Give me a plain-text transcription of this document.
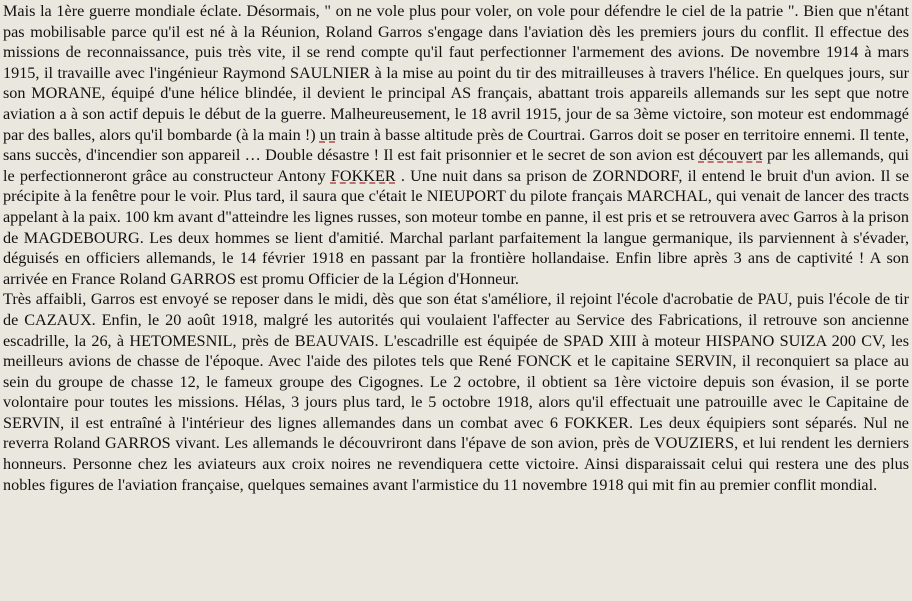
Mais la 1ère guerre mondiale éclate. Désormais, " on ne vole plus pour voler, on vole pour défendre le ciel de la patrie ". Bien que n'étant pas mobilisable parce qu'il est né à la Réunion, Roland Garros s'engage dans l'aviation dès les premiers jours du conflit. Il effectue des missions de reconnaissance, puis très vite, il se rend compte qu'il faut perfectionner l'armement des avions. De novembre 1914 à mars 1915, il travaille avec l'ingénieur Raymond SAULNIER à la mise au point du tir des mitrailleuses à travers l'hélice. En quelques jours, sur son MORANE, équipé d'une hélice blindée, il devient le principal AS français, abattant trois appareils allemands sur les sept que notre aviation a à son actif depuis le début de la guerre. Malheureusement, le 18 avril 1915, jour de sa 3ème victoire, son moteur est endommagé par des balles, alors qu'il bombarde (à la main !) un train à basse altitude près de Courtrai. Garros doit se poser en territoire ennemi. Il tente, sans succès, d'incendier son appareil … Double désastre ! Il est fait prisonnier et le secret de son avion est découvert par les allemands, qui le perfectionneront grâce au constructeur Antony FOKKER . Une nuit dans sa prison de ZORNDORF, il entend le bruit d'un avion. Il se précipite à la fenêtre pour le voir. Plus tard, il saura que c'était le NIEUPORT du pilote français MARCHAL, qui venait de lancer des tracts appelant à la paix. 100 km avant d"atteindre les lignes russes, son moteur tombe en panne, il est pris et se retrouvera avec Garros à la prison de MAGDEBOURG. Les deux hommes se lient d'amitié. Marchal parlant parfaitement la langue germanique, ils parviennent à s'évader, déguisés en officiers allemands, le 14 février 1918 en passant par la frontière hollandaise. Enfin libre après 3 ans de captivité ! A son arrivée en France Roland GARROS est promu Officier de la Légion d'Honneur.

Très affaibli, Garros est envoyé se reposer dans le midi, dès que son état s'améliore, il rejoint l'école d'acrobatie de PAU, puis l'école de tir de CAZAUX. Enfin, le 20 août 1918, malgré les autorités qui voulaient l'affecter au Service des Fabrications, il retrouve son ancienne escadrille, la 26, à HETOMESNIL, près de BEAUVAIS. L'escadrille est équipée de SPAD XIII à moteur HISPANO SUIZA 200 CV, les meilleurs avions de chasse de l'époque. Avec l'aide des pilotes tels que René FONCK et le capitaine SERVIN, il reconquiert sa place au sein du groupe de chasse 12, le fameux groupe des Cigognes. Le 2 octobre, il obtient sa 1ère victoire depuis son évasion, il se porte volontaire pour toutes les missions. Hélas, 3 jours plus tard, le 5 octobre 1918, alors qu'il effectuait une patrouille avec le Capitaine de SERVIN, il est entraîné à l'intérieur des lignes allemandes dans un combat avec 6 FOKKER. Les deux équipiers sont séparés. Nul ne reverra Roland GARROS vivant. Les allemands le découvriront dans l'épave de son avion, près de VOUZIERS, et lui rendent les derniers honneurs. Personne chez les aviateurs aux croix noires ne revendiquera cette victoire. Ainsi disparaissait celui qui restera une des plus nobles figures de l'aviation française, quelques semaines avant l'armistice du 11 novembre 1918 qui mit fin au premier conflit mondial.
